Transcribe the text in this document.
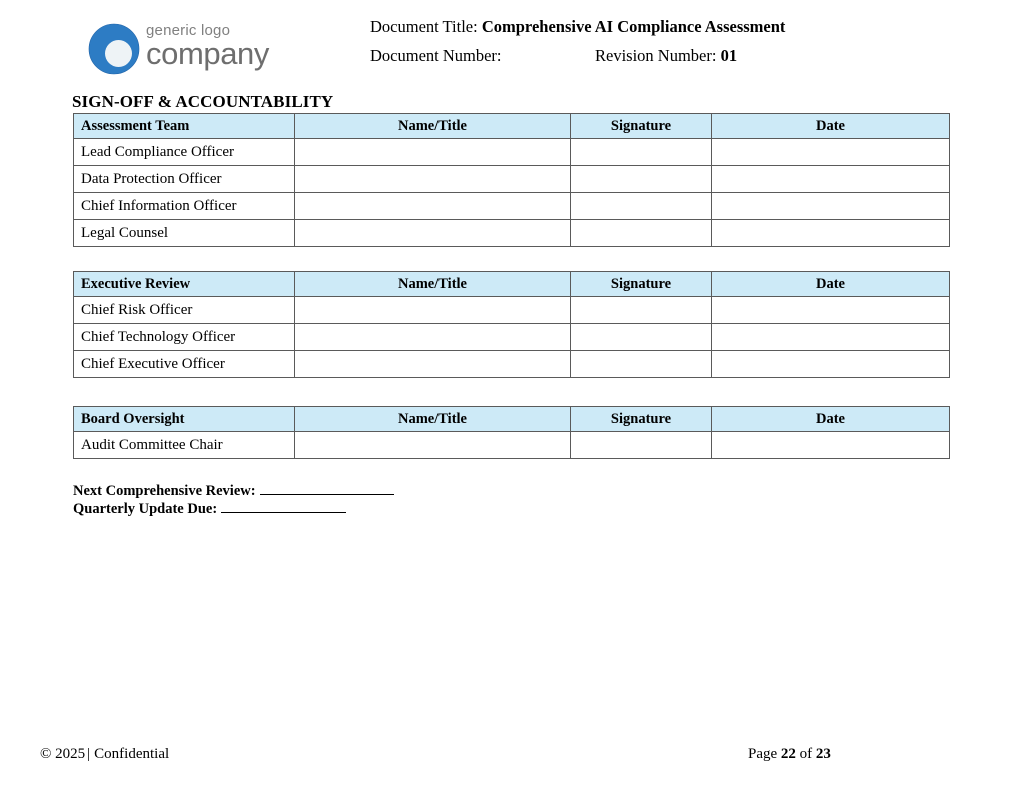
generic logo
company
Document Title: Comprehensive AI Compliance Assessment
Document Number:	Revision Number: 01
SIGN-OFF & ACCOUNTABILITY
Assessment Team	Name/Title	Signature	Date
Lead Compliance Officer			
Data Protection Officer			
Chief Information Officer			
Legal Counsel			
Executive Review	Name/Title	Signature	Date
Chief Risk Officer			
Chief Technology Officer			
Chief Executive Officer			
Board Oversight	Name/Title	Signature	Date
Audit Committee Chair			
Next Comprehensive Review:
Quarterly Update Due:
© 2025 | Confidential	Page 22 of 23
